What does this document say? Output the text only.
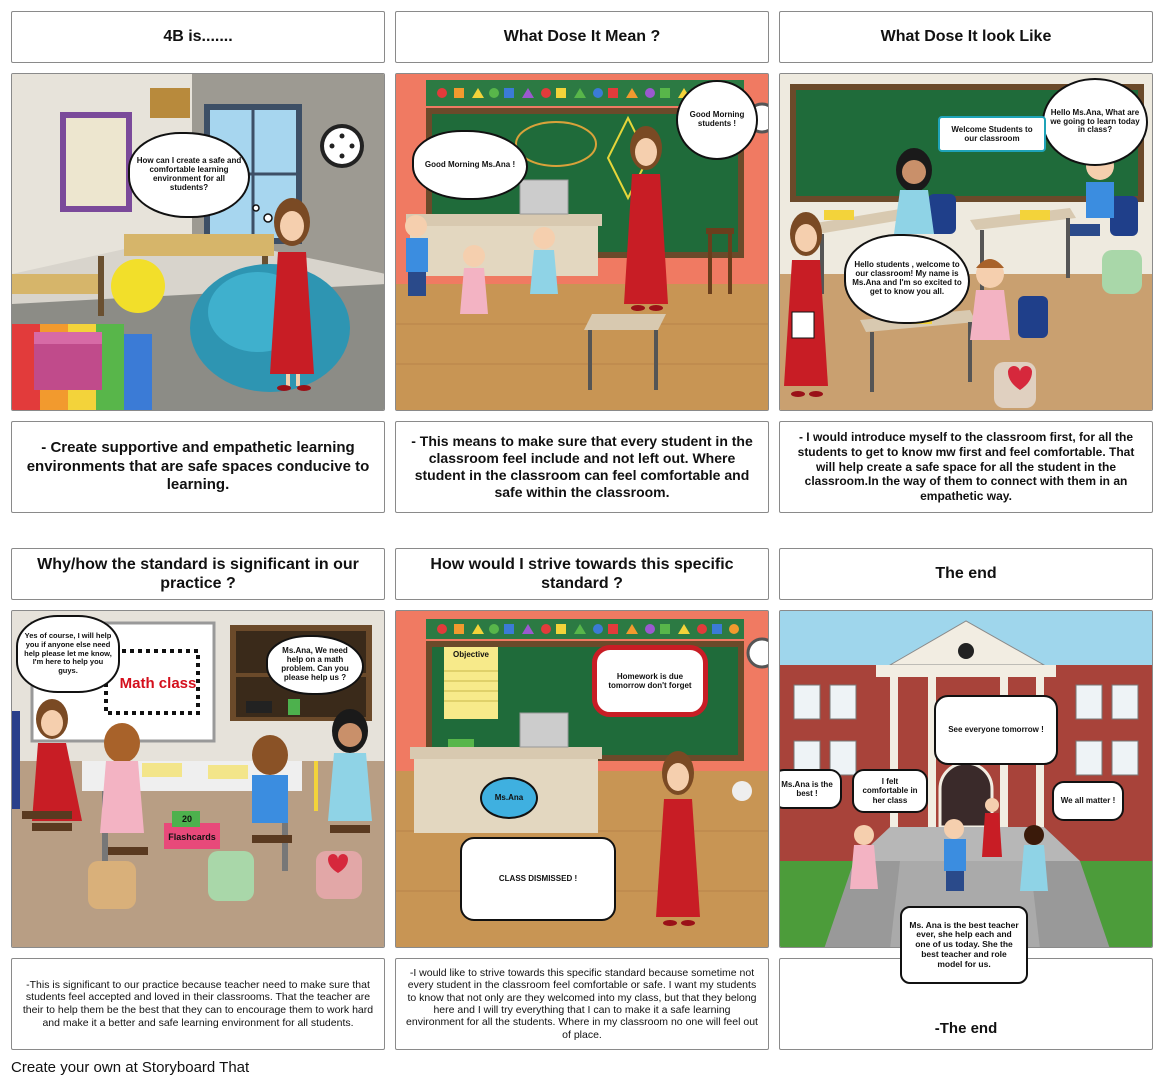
4B is.......	What Dose It Mean ?	What Dose It look Like
How can I create a safe and comfortable learning environment for all students?
Good Morning students !
Good Morning Ms.Ana !
Hello Ms.Ana, What are we going to learn today in class?
Welcome Students to our classroom
Hello students , welcome to our classroom! My name is Ms.Ana and I'm so excited to get to know you all.
- Create supportive and empathetic learning environments that are safe spaces conducive to learning.
- This means to make sure that every student in the classroom feel include and not left out. Where student in the classroom can feel comfortable and safe within the classroom.
- I would introduce myself to the classroom first, for all the students to get to know mw first and feel comfortable. That will help create a safe space for all the student in the classroom.In the way of them to connect with them in an empathetic way.
Why/how the standard is significant in our practice ?
How would I strive towards this specific standard ?
The end
Math class
20
Flashcards
Yes of course, I will help you if anyone else need help please let me know, I'm here to help you guys.
Ms.Ana, We need help on a math problem. Can you please help us ?
Objective
Homework is due tomorrow don't forget
Ms.Ana
CLASS DISMISSED !
See everyone tomorrow !
Ms.Ana is the best !
I felt comfortable in her class	We all matter !
-This is significant to our practice because teacher need to make sure that students feel accepted and loved in their classrooms. That the teacher are their to help them be the best that they can to encourage them to work hard and make it a better and safe learning environment for all students.
-I would like to strive towards this specific standard because sometime not every student in the classroom feel comfortable or safe. I want my students to know that not only are they welcomed into my class, but that they belong here and I will try everything that I can to make it a safe learning environment for all the students. Where in my classroom no one will feel out of place.	-The end
Ms. Ana is the best teacher ever, she help each and one of us today. She the best teacher and role model for us.
Create your own at Storyboard That
